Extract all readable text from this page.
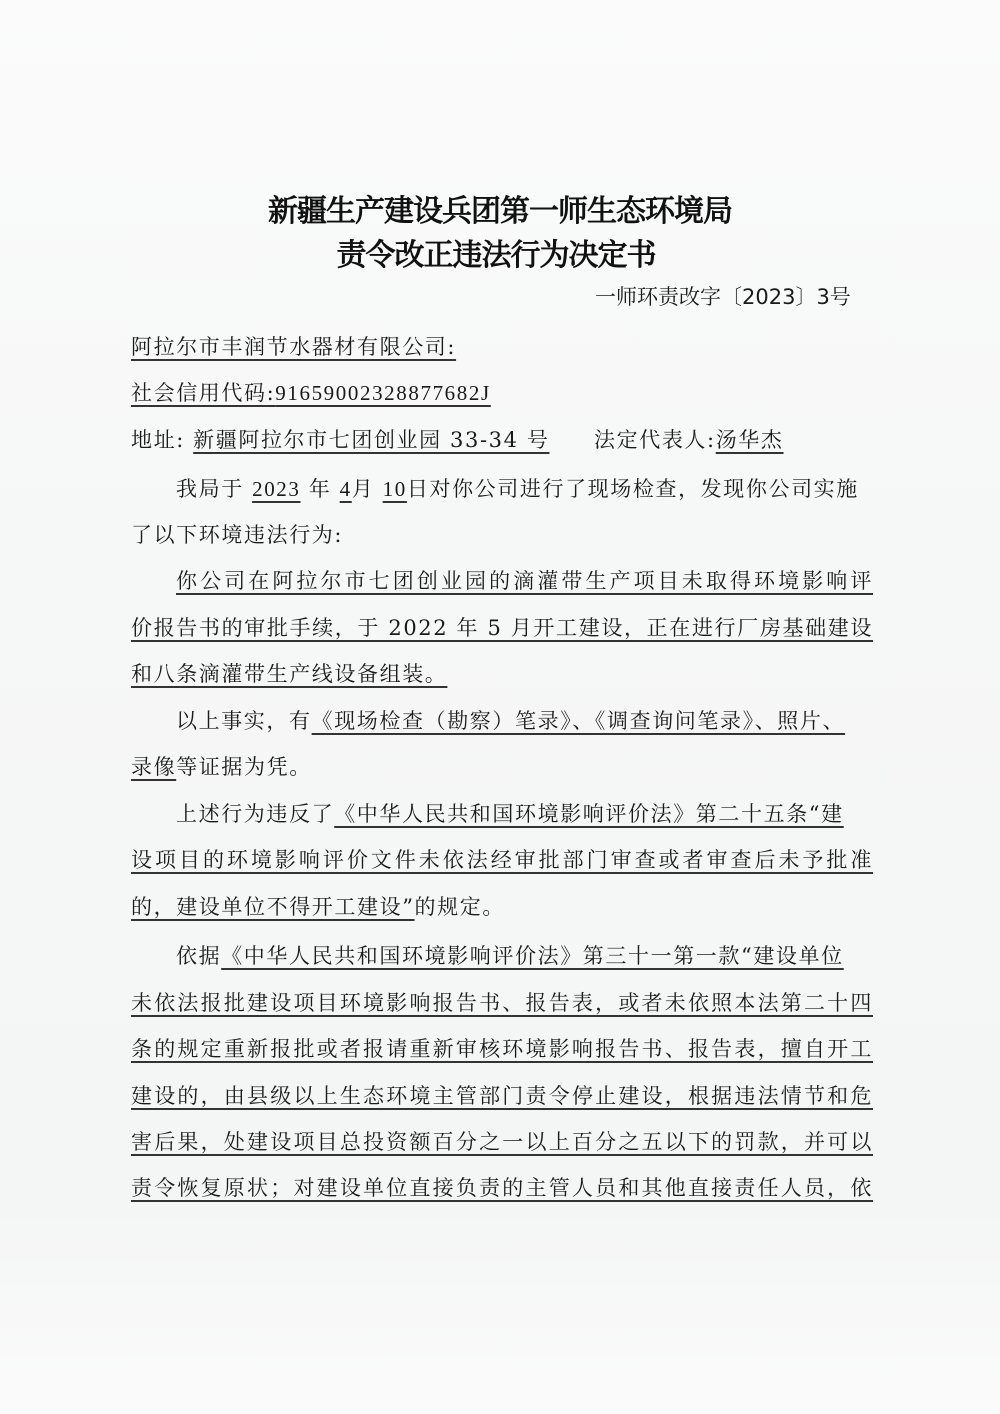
新疆生产建设兵团第一师生态环境局
责令改正违法行为决定书
一师环责改字〔2023〕3号
阿拉尔市丰润节水器材有限公司:
社会信用代码:91659002328877682J
地址: 新疆阿拉尔市七团创业园 33-34 号 法定代表人:汤华杰
我局于 2023 年 4月 10日对你公司进行了现场检查，发现你公司实施
了以下环境违法行为:
你公司在阿拉尔市七团创业园的滴灌带生产项目未取得环境影响评
价报告书的审批手续，于 2022 年 5 月开工建设，正在进行厂房基础建设
和八条滴灌带生产线设备组装。
以上事实，有《现场检查（勘察）笔录》、《调查询问笔录》、照片、
录像等证据为凭。
上述行为违反了《中华人民共和国环境影响评价法》第二十五条“建
设项目的环境影响评价文件未依法经审批部门审查或者审查后未予批准
的，建设单位不得开工建设”的规定。
依据《中华人民共和国环境影响评价法》第三十一第一款“建设单位
未依法报批建设项目环境影响报告书、报告表，或者未依照本法第二十四
条的规定重新报批或者报请重新审核环境影响报告书、报告表，擅自开工
建设的，由县级以上生态环境主管部门责令停止建设，根据违法情节和危
害后果，处建设项目总投资额百分之一以上百分之五以下的罚款，并可以
责令恢复原状；对建设单位直接负责的主管人员和其他直接责任人员，依
